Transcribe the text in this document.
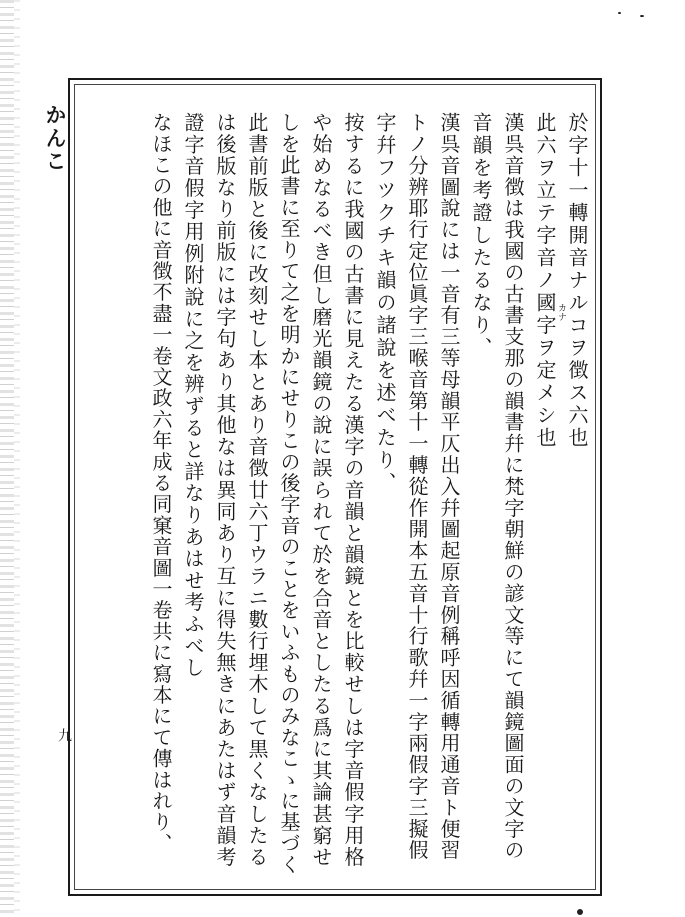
かんこ
九
於字十一轉開音ナルコヲ徴ス六也
此六ヲ立テ字音ノ國字ヲ定メシ也 カナ
漢呉音徴は我國の古書支那の韻書幷に梵字朝鮮の諺文等にて韻鏡圖面の文字の
音韻を考證したるなり、
漢呉音圖說には一音有三等母韻平仄出入幷圖起原音例稱呼因循轉用通音ト便習
トノ分辨耶行定位眞字三喉音第十一轉從作開本五音十行歌幷一字兩假字三擬假
字幷フツクチキ韻の諸說を述べたり、
按するに我國の古書に見えたる漢字の音韻と韻鏡とを比較せしは字音假字用格
や始めなるべき但し磨光韻鏡の說に誤られて於を合音としたる爲に其論甚窮せ
しを此書に至りて之を明かにせりこの後字音のことをいふものみなこゝに基づく
此書前版と後に改刻せし本とあり音徴廿六丁ウラニ數行埋木して黒くなしたる
は後版なり前版には字句あり其他なは異同あり互に得失無きにあたはず音韻考
證字音假字用例附說に之を辨ずると詳なりあはせ考ふべし
なほこの他に音徴不盡一卷文政六年成る同窠音圖一卷共に寫本にて傳はれり、
